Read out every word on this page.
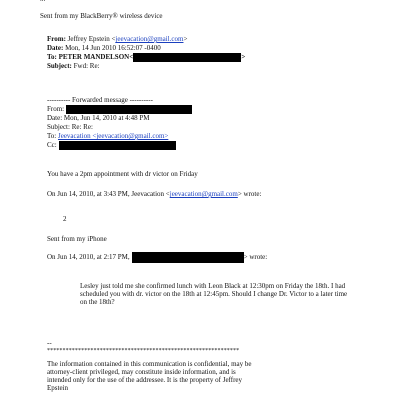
Sent from my BlackBerry® wireless device
From: Jeffrey Epstein <jeevacation@gmail.com>
Date: Mon, 14 Jun 2010 16:52:07 -0400
To: PETER MANDELSON<	>
Subject: Fwd: Re:
---------- Forwarded message ----------
From:
Date: Mon, Jun 14, 2010 at 4:48 PM
Subject: Re: Re:
To: Jeevacation <jeevacation@gmail.com>
Cc:
You have a 2pm appointment with dr victor on Friday
On Jun 14, 2010, at 3:43 PM, Jeevacation <jeevacation@gmail.com> wrote:
2
Sent from my iPhone
On Jun 14, 2010, at 2:17 PM,	> wrote:
Lesley just told me she confirmed lunch with Leon Black at 12:30pm on Friday the 18th. I had scheduled you with dr. victor on the 18th at 12:45pm. Should I change Dr. Victor to a later time on the 18th?
--
**************************************************************
The information contained in this communication is confidential, may be attorney-client privileged, may constitute inside information, and is intended only for the use of the addressee. It is the property of Jeffrey Epstein
